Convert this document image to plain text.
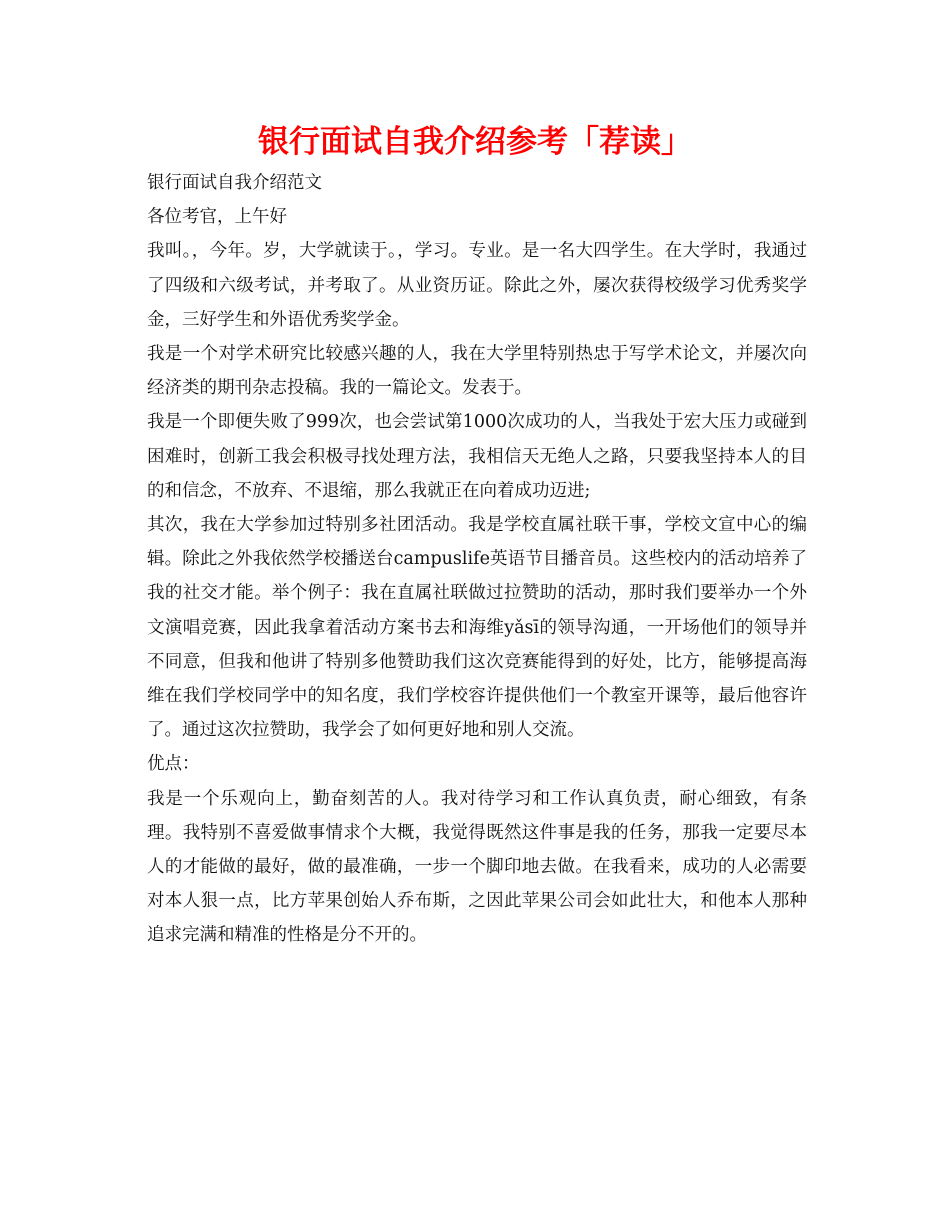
银行面试自我介绍参考「荐读」

银行面试自我介绍范文

各位考官，上午好

我叫。，今年。岁，大学就读于。，学习。专业。是一名大四学生。在大学时，我通过了四级和六级考试，并考取了。从业资历证。除此之外，屡次获得校级学习优秀奖学金，三好学生和外语优秀奖学金。

我是一个对学术研究比较感兴趣的人，我在大学里特别热忠于写学术论文，并屡次向经济类的期刊杂志投稿。我的一篇论文。发表于。

我是一个即便失败了999次，也会尝试第1000次成功的人，当我处于宏大压力或碰到困难时，创新工我会积极寻找处理方法，我相信天无绝人之路，只要我坚持本人的目的和信念，不放弃、不退缩，那么我就正在向着成功迈进;

其次，我在大学参加过特别多社团活动。我是学校直属社联干事，学校文宣中心的编辑。除此之外我依然学校播送台campuslife英语节目播音员。这些校内的活动培养了我的社交才能。举个例子：我在直属社联做过拉赞助的活动，那时我们要举办一个外文演唱竞赛，因此我拿着活动方案书去和海维yǎsī的领导沟通，一开场他们的领导并不同意，但我和他讲了特别多他赞助我们这次竞赛能得到的好处，比方，能够提高海维在我们学校同学中的知名度，我们学校容许提供他们一个教室开课等，最后他容许了。通过这次拉赞助，我学会了如何更好地和别人交流。

优点：

我是一个乐观向上，勤奋刻苦的人。我对待学习和工作认真负责，耐心细致，有条理。我特别不喜爱做事情求个大概，我觉得既然这件事是我的任务，那我一定要尽本人的才能做的最好，做的最准确，一步一个脚印地去做。在我看来，成功的人必需要对本人狠一点，比方苹果创始人乔布斯，之因此苹果公司会如此壮大，和他本人那种追求完满和精准的性格是分不开的。
